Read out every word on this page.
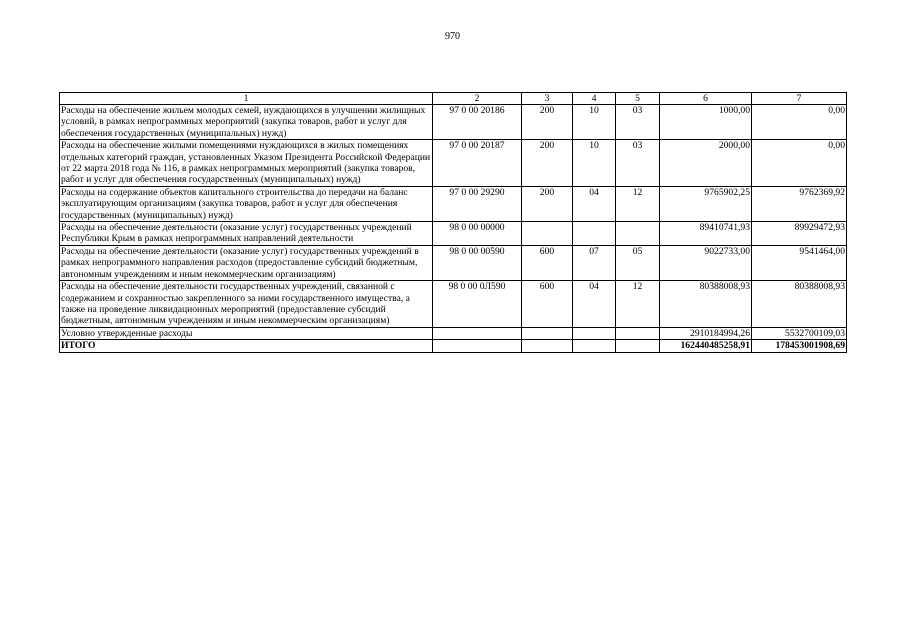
970
1	2	3	4	5	6	7
Расходы на обеспечение жильем молодых семей, нуждающихся в улучшении жилищных условий, в рамках непрограммных мероприятий (закупка товаров, работ и услуг для обеспечения государственных (муниципальных) нужд)	97 0 00 20186	200	10	03	1000,00	0,00
Расходы на обеспечение жилыми помещениями нуждающихся в жилых помещениях отдельных категорий граждан, установленных Указом Президента Российской Федерации от 22 марта 2018 года № 116, в рамках непрограммных мероприятий (закупка товаров, работ и услуг для обеспечения государственных (муниципальных) нужд)	97 0 00 20187	200	10	03	2000,00	0,00
Расходы на содержание объектов капитального строительства до передачи на баланс эксплуатирующим организациям (закупка товаров, работ и услуг для обеспечения государственных (муниципальных) нужд)	97 0 00 29290	200	04	12	9765902,25	9762369,92
Расходы на обеспечение деятельности (оказание услуг) государственных учреждений Республики Крым в рамках непрограммных направлений деятельности	98 0 00 00000				89410741,93	89929472,93
Расходы на обеспечение деятельности (оказание услуг) государственных учреждений в рамках непрограммного направления расходов (предоставление субсидий бюджетным, автономным учреждениям и иным некоммерческим организациям)	98 0 00 00590	600	07	05	9022733,00	9541464,00
Расходы на обеспечение деятельности государственных учреждений, связанной с содержанием и сохранностью закрепленного за ними государственного имущества, а также на проведение ликвидационных мероприятий (предоставление субсидий бюджетным, автономным учреждениям и иным некоммерческим организациям)	98 0 00 0Л590	600	04	12	80388008,93	80388008,93
Условно утвержденные расходы					2910184994,26	5532700109,03
ИТОГО					162440485258,91	178453001908,69
